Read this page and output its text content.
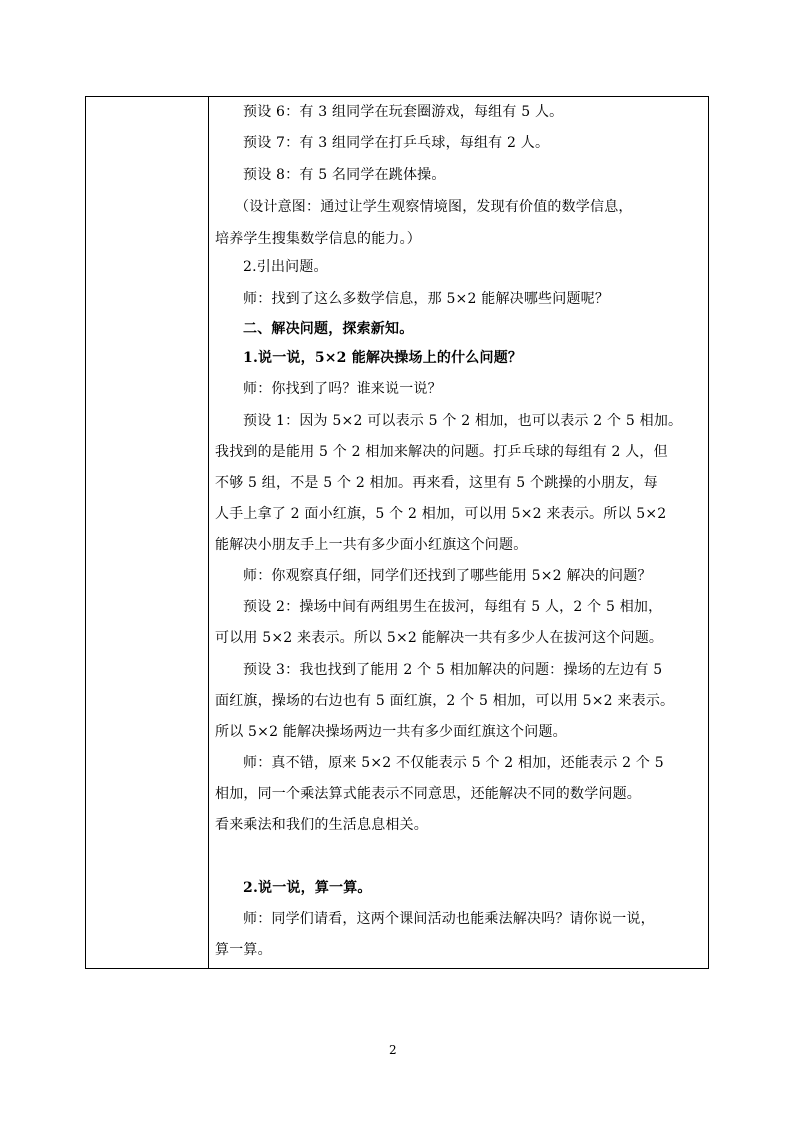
预设 6：有 3 组同学在玩套圈游戏，每组有 5 人。
预设 7：有 3 组同学在打乒乓球，每组有 2 人。
预设 8：有 5 名同学在跳体操。
（设计意图：通过让学生观察情境图，发现有价值的数学信息，
培养学生搜集数学信息的能力。）
2.引出问题。
师：找到了这么多数学信息，那 5×2 能解决哪些问题呢？
二、解决问题，探索新知。
1.说一说，5×2 能解决操场上的什么问题？
师：你找到了吗？谁来说一说？
预设 1：因为 5×2 可以表示 5 个 2 相加，也可以表示 2 个 5 相加。
我找到的是能用 5 个 2 相加来解决的问题。打乒乓球的每组有 2 人，但
不够 5 组，不是 5 个 2 相加。再来看，这里有 5 个跳操的小朋友，每
人手上拿了 2 面小红旗，5 个 2 相加，可以用 5×2 来表示。所以 5×2
能解决小朋友手上一共有多少面小红旗这个问题。
师：你观察真仔细，同学们还找到了哪些能用 5×2 解决的问题？
预设 2：操场中间有两组男生在拔河，每组有 5 人，2 个 5 相加，
可以用 5×2 来表示。所以 5×2 能解决一共有多少人在拔河这个问题。
预设 3：我也找到了能用 2 个 5 相加解决的问题：操场的左边有 5
面红旗，操场的右边也有 5 面红旗，2 个 5 相加，可以用 5×2 来表示。
所以 5×2 能解决操场两边一共有多少面红旗这个问题。
师：真不错，原来 5×2 不仅能表示 5 个 2 相加，还能表示 2 个 5
相加，同一个乘法算式能表示不同意思，还能解决不同的数学问题。
看来乘法和我们的生活息息相关。
2.说一说，算一算。
师：同学们请看，这两个课间活动也能乘法解决吗？请你说一说，
算一算。
2
